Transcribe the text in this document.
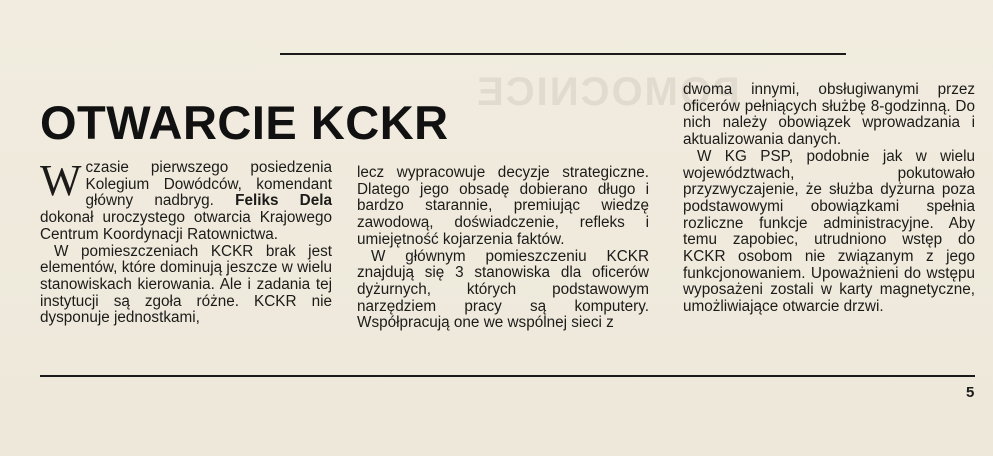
POMOCNICE
OTWARCIE KCKR

W czasie pierwszego posiedzenia Kolegium Dowódców, komendant główny nadbryg. Feliks Dela dokonał uroczystego otwarcia Krajowego Centrum Koordynacji Ratownictwa.

W pomieszczeniach KCKR brak jest elementów, które dominują jeszcze w wielu stanowiskach kierowania. Ale i zadania tej instytucji są zgoła różne. KCKR nie dysponuje jednostkami,

lecz wypracowuje decyzje strategiczne. Dlatego jego obsadę dobierano długo i bardzo starannie, premiując wiedzę zawodową, doświadczenie, refleks i umiejętność kojarzenia faktów.

W głównym pomieszczeniu KCKR znajdują się 3 stanowiska dla oficerów dyżurnych, których podstawowym narzędziem pracy są komputery. Współpracują one we wspólnej sieci z

dwoma innymi, obsługiwanymi przez oficerów pełniących służbę 8-godzinną. Do nich należy obowiązek wprowadzania i aktualizowania danych.

W KG PSP, podobnie jak w wielu województwach, pokutowało przyzwyczajenie, że służba dyżurna poza podstawowymi obowiązkami spełnia rozliczne funkcje administracyjne. Aby temu zapobiec, utrudniono wstęp do KCKR osobom nie związanym z jego funkcjonowaniem. Upoważnieni do wstępu wyposażeni zostali w karty magnetyczne, umożliwiające otwarcie drzwi.

5
